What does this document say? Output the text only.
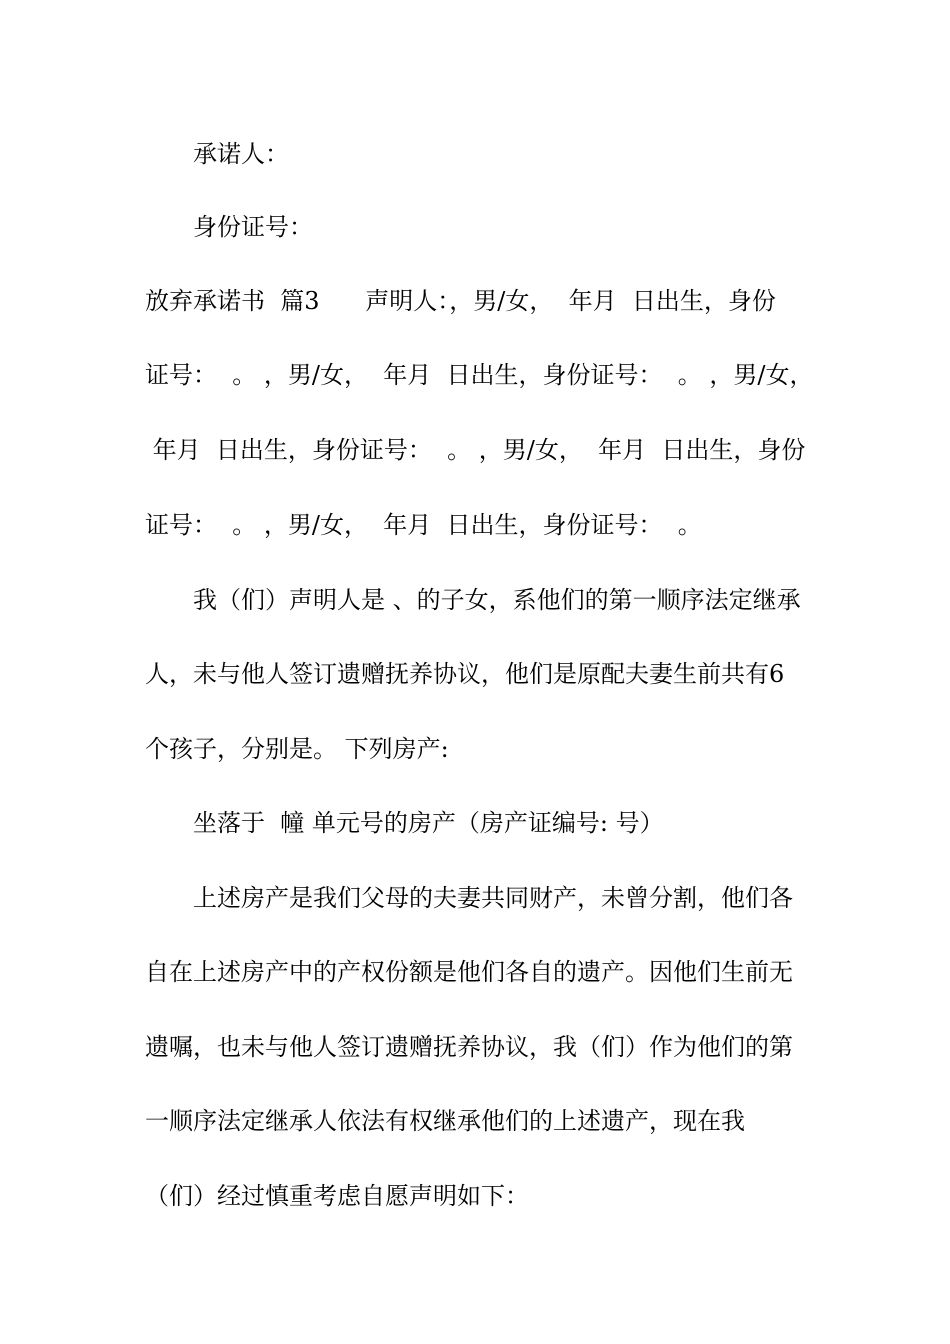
承诺人：
身份证号：
放弃承诺书  篇3      声明人：，男/女，  年月  日出生，身份
证号：  。 ，男/女，  年月  日出生，身份证号：  。 ，男/女，
年月  日出生，身份证号：  。 ，男/女，  年月  日出生，身份
证号：  。 ，男/女，  年月  日出生，身份证号：  。
我（们）声明人是 、的子女，系他们的第一顺序法定继承
人，未与他人签订遗赠抚养协议，他们是原配夫妻生前共有6
个孩子，分别是。 下列房产:
坐落于  幢 单元号的房产（房产证编号: 号）
上述房产是我们父母的夫妻共同财产，未曾分割，他们各
自在上述房产中的产权份额是他们各自的遗产。因他们生前无
遗嘱，也未与他人签订遗赠抚养协议，我（们）作为他们的第
一顺序法定继承人依法有权继承他们的上述遗产，现在我
（们）经过慎重考虑自愿声明如下：
